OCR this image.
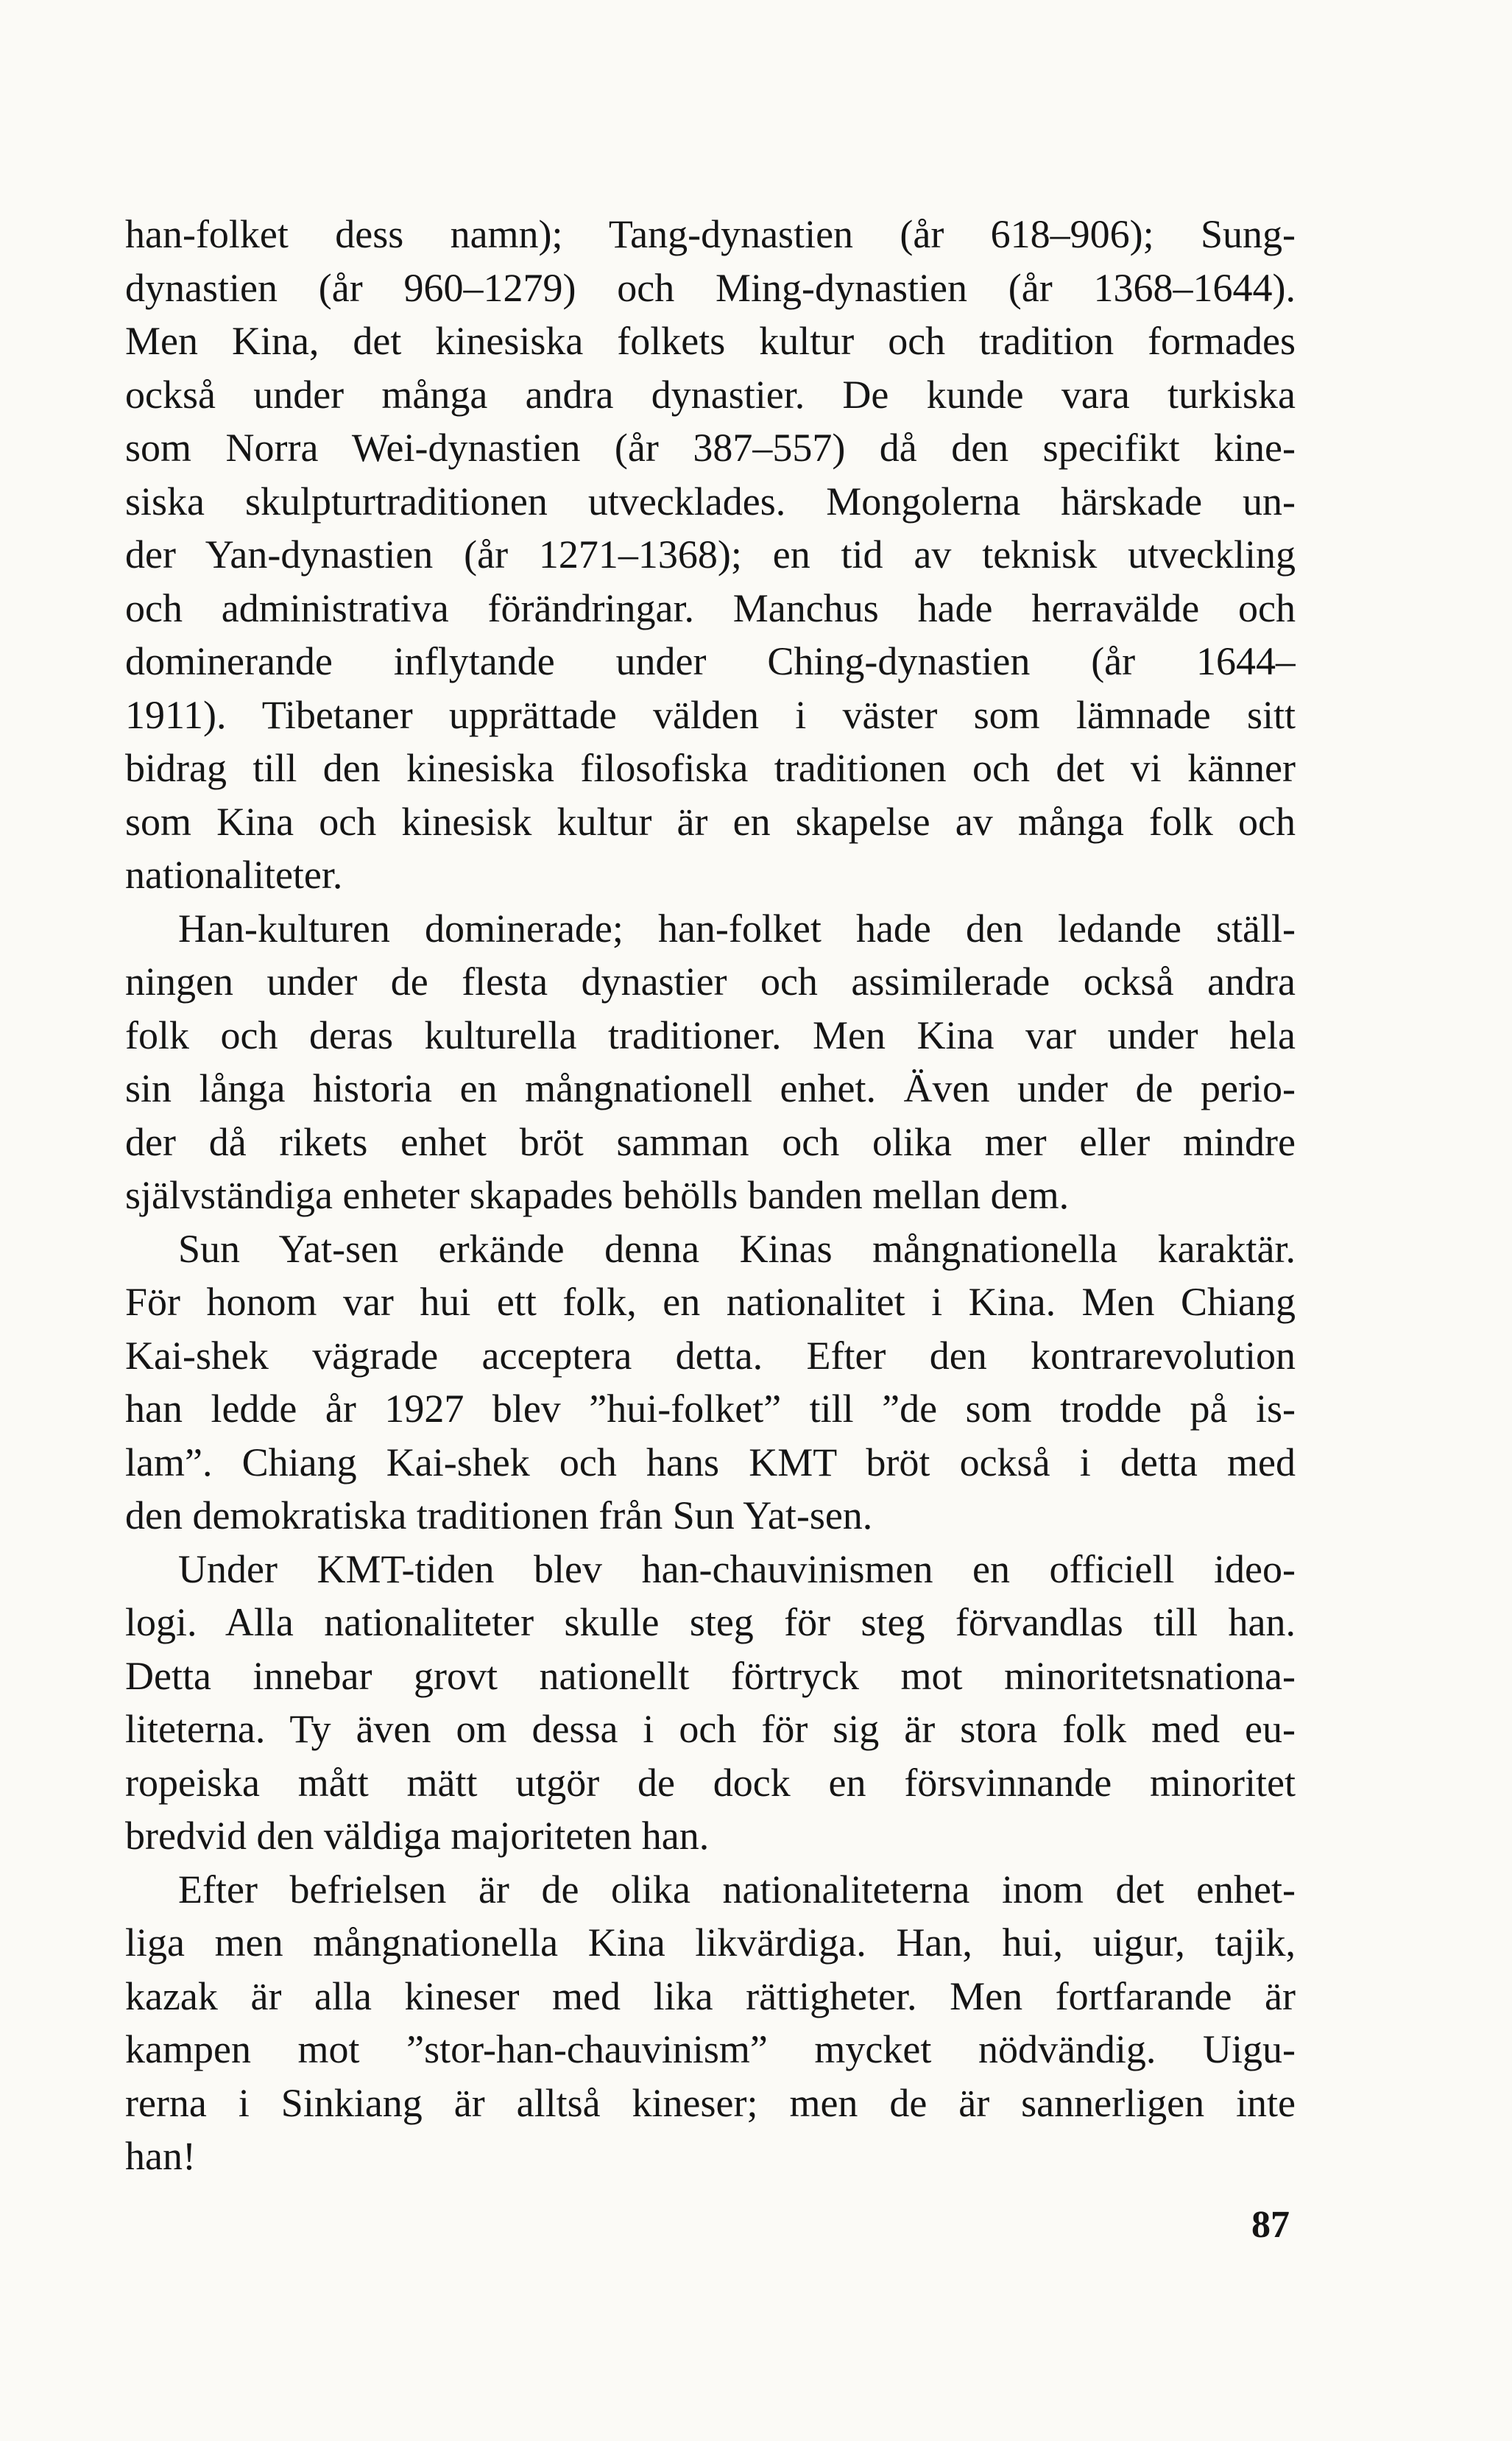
han-folket dess namn); Tang-dynastien (år 618–906); Sung-
dynastien (år 960–1279) och Ming-dynastien (år 1368–1644).
Men Kina, det kinesiska folkets kultur och tradition formades
också under många andra dynastier. De kunde vara turkiska
som Norra Wei-dynastien (år 387–557) då den specifikt kine-
siska skulpturtraditionen utvecklades. Mongolerna härskade un-
der Yan-dynastien (år 1271–1368); en tid av teknisk utveckling
och administrativa förändringar. Manchus hade herravälde och
dominerande inflytande under Ching-dynastien (år 1644–
1911). Tibetaner upprättade välden i väster som lämnade sitt
bidrag till den kinesiska filosofiska traditionen och det vi känner
som Kina och kinesisk kultur är en skapelse av många folk och
nationaliteter.
Han-kulturen dominerade; han-folket hade den ledande ställ-
ningen under de flesta dynastier och assimilerade också andra
folk och deras kulturella traditioner. Men Kina var under hela
sin långa historia en mångnationell enhet. Även under de perio-
der då rikets enhet bröt samman och olika mer eller mindre
självständiga enheter skapades behölls banden mellan dem.
Sun Yat-sen erkände denna Kinas mångnationella karaktär.
För honom var hui ett folk, en nationalitet i Kina. Men Chiang
Kai-shek vägrade acceptera detta. Efter den kontrarevolution
han ledde år 1927 blev ”hui-folket” till ”de som trodde på is-
lam”. Chiang Kai-shek och hans KMT bröt också i detta med
den demokratiska traditionen från Sun Yat-sen.
Under KMT-tiden blev han-chauvinismen en officiell ideo-
logi. Alla nationaliteter skulle steg för steg förvandlas till han.
Detta innebar grovt nationellt förtryck mot minoritetsnationa-
liteterna. Ty även om dessa i och för sig är stora folk med eu-
ropeiska mått mätt utgör de dock en försvinnande minoritet
bredvid den väldiga majoriteten han.
Efter befrielsen är de olika nationaliteterna inom det enhet-
liga men mångnationella Kina likvärdiga. Han, hui, uigur, tajik,
kazak är alla kineser med lika rättigheter. Men fortfarande är
kampen mot ”stor-han-chauvinism” mycket nödvändig. Uigu-
rerna i Sinkiang är alltså kineser; men de är sannerligen inte
han!
87
